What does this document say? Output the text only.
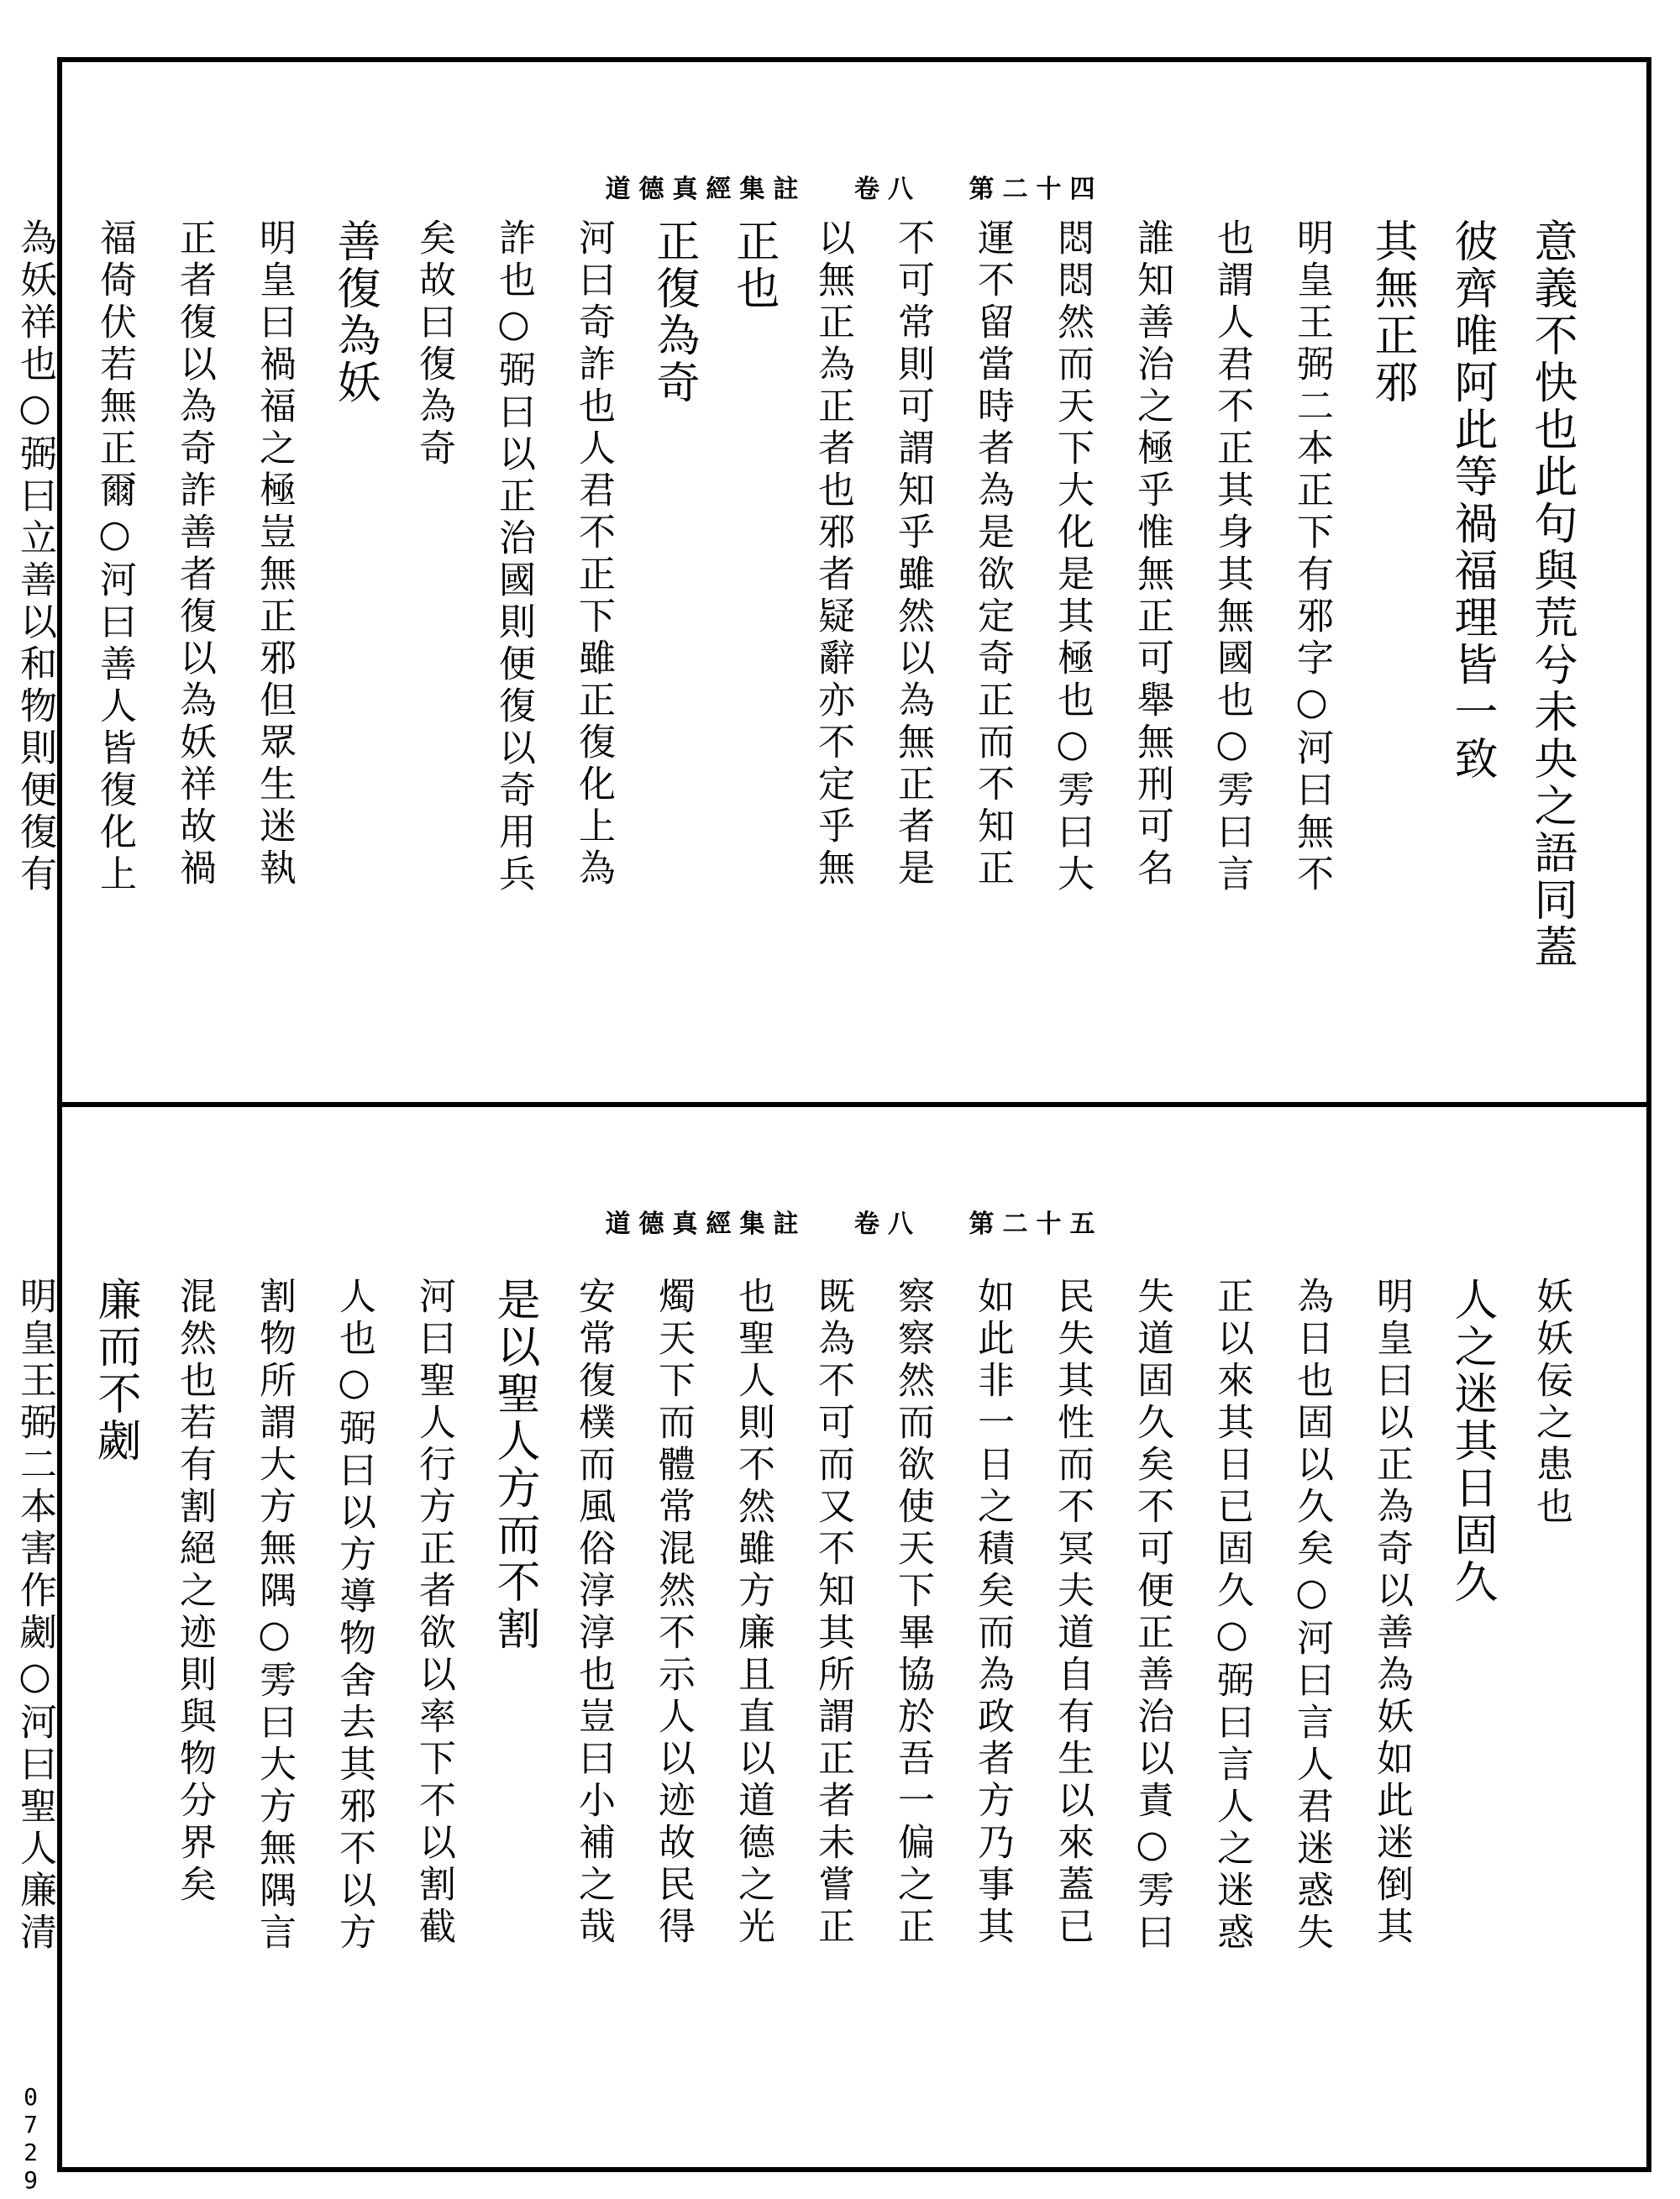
道德真經集註 卷八 第二十四
意義不快也此句與荒兮未央之語同蓋
彼齊唯阿此等禍福理皆一致
其無正邪
明皇王弼二本正下有邪字○河曰無不
也謂人君不正其身其無國也○雱曰言
誰知善治之極乎惟無正可舉無刑可名
悶悶然而天下大化是其極也○雱曰大
運不留當時者為是欲定奇正而不知正
不可常則可謂知乎雖然以為無正者是
以無正為正者也邪者疑辭亦不定乎無
正也
正復為奇
河曰奇詐也人君不正下雖正復化上為
詐也○弼曰以正治國則便復以奇用兵
矣故曰復為奇
善復為妖
明皇曰禍福之極豈無正邪但眾生迷執
正者復以為奇詐善者復以為妖祥故禍
福倚伏若無正爾○河曰善人皆復化上
為妖祥也○弼曰立善以和物則便復有
道德真經集註 卷八 第二十五
妖妖佞之患也
人之迷其日固久
明皇曰以正為奇以善為妖如此迷倒其
為日也固以久矣○河曰言人君迷惑失
正以來其日已固久○弼曰言人之迷惑
失道固久矣不可便正善治以責○雱曰
民失其性而不冥夫道自有生以來蓋已
如此非一日之積矣而為政者方乃事其
察察然而欲使天下畢協於吾一偏之正
既為不可而又不知其所謂正者未嘗正
也聖人則不然雖方廉且直以道德之光
燭天下而體常混然不示人以迹故民得
安常復樸而風俗淳淳也豈曰小補之哉
是以聖人方而不割
河曰聖人行方正者欲以率下不以割截
人也○弼曰以方導物舍去其邪不以方
割物所謂大方無隅○雱曰大方無隅言
混然也若有割絕之迹則與物分界矣
廉而不劌
明皇王弼二本害作劌○河曰聖人廉清
0729
